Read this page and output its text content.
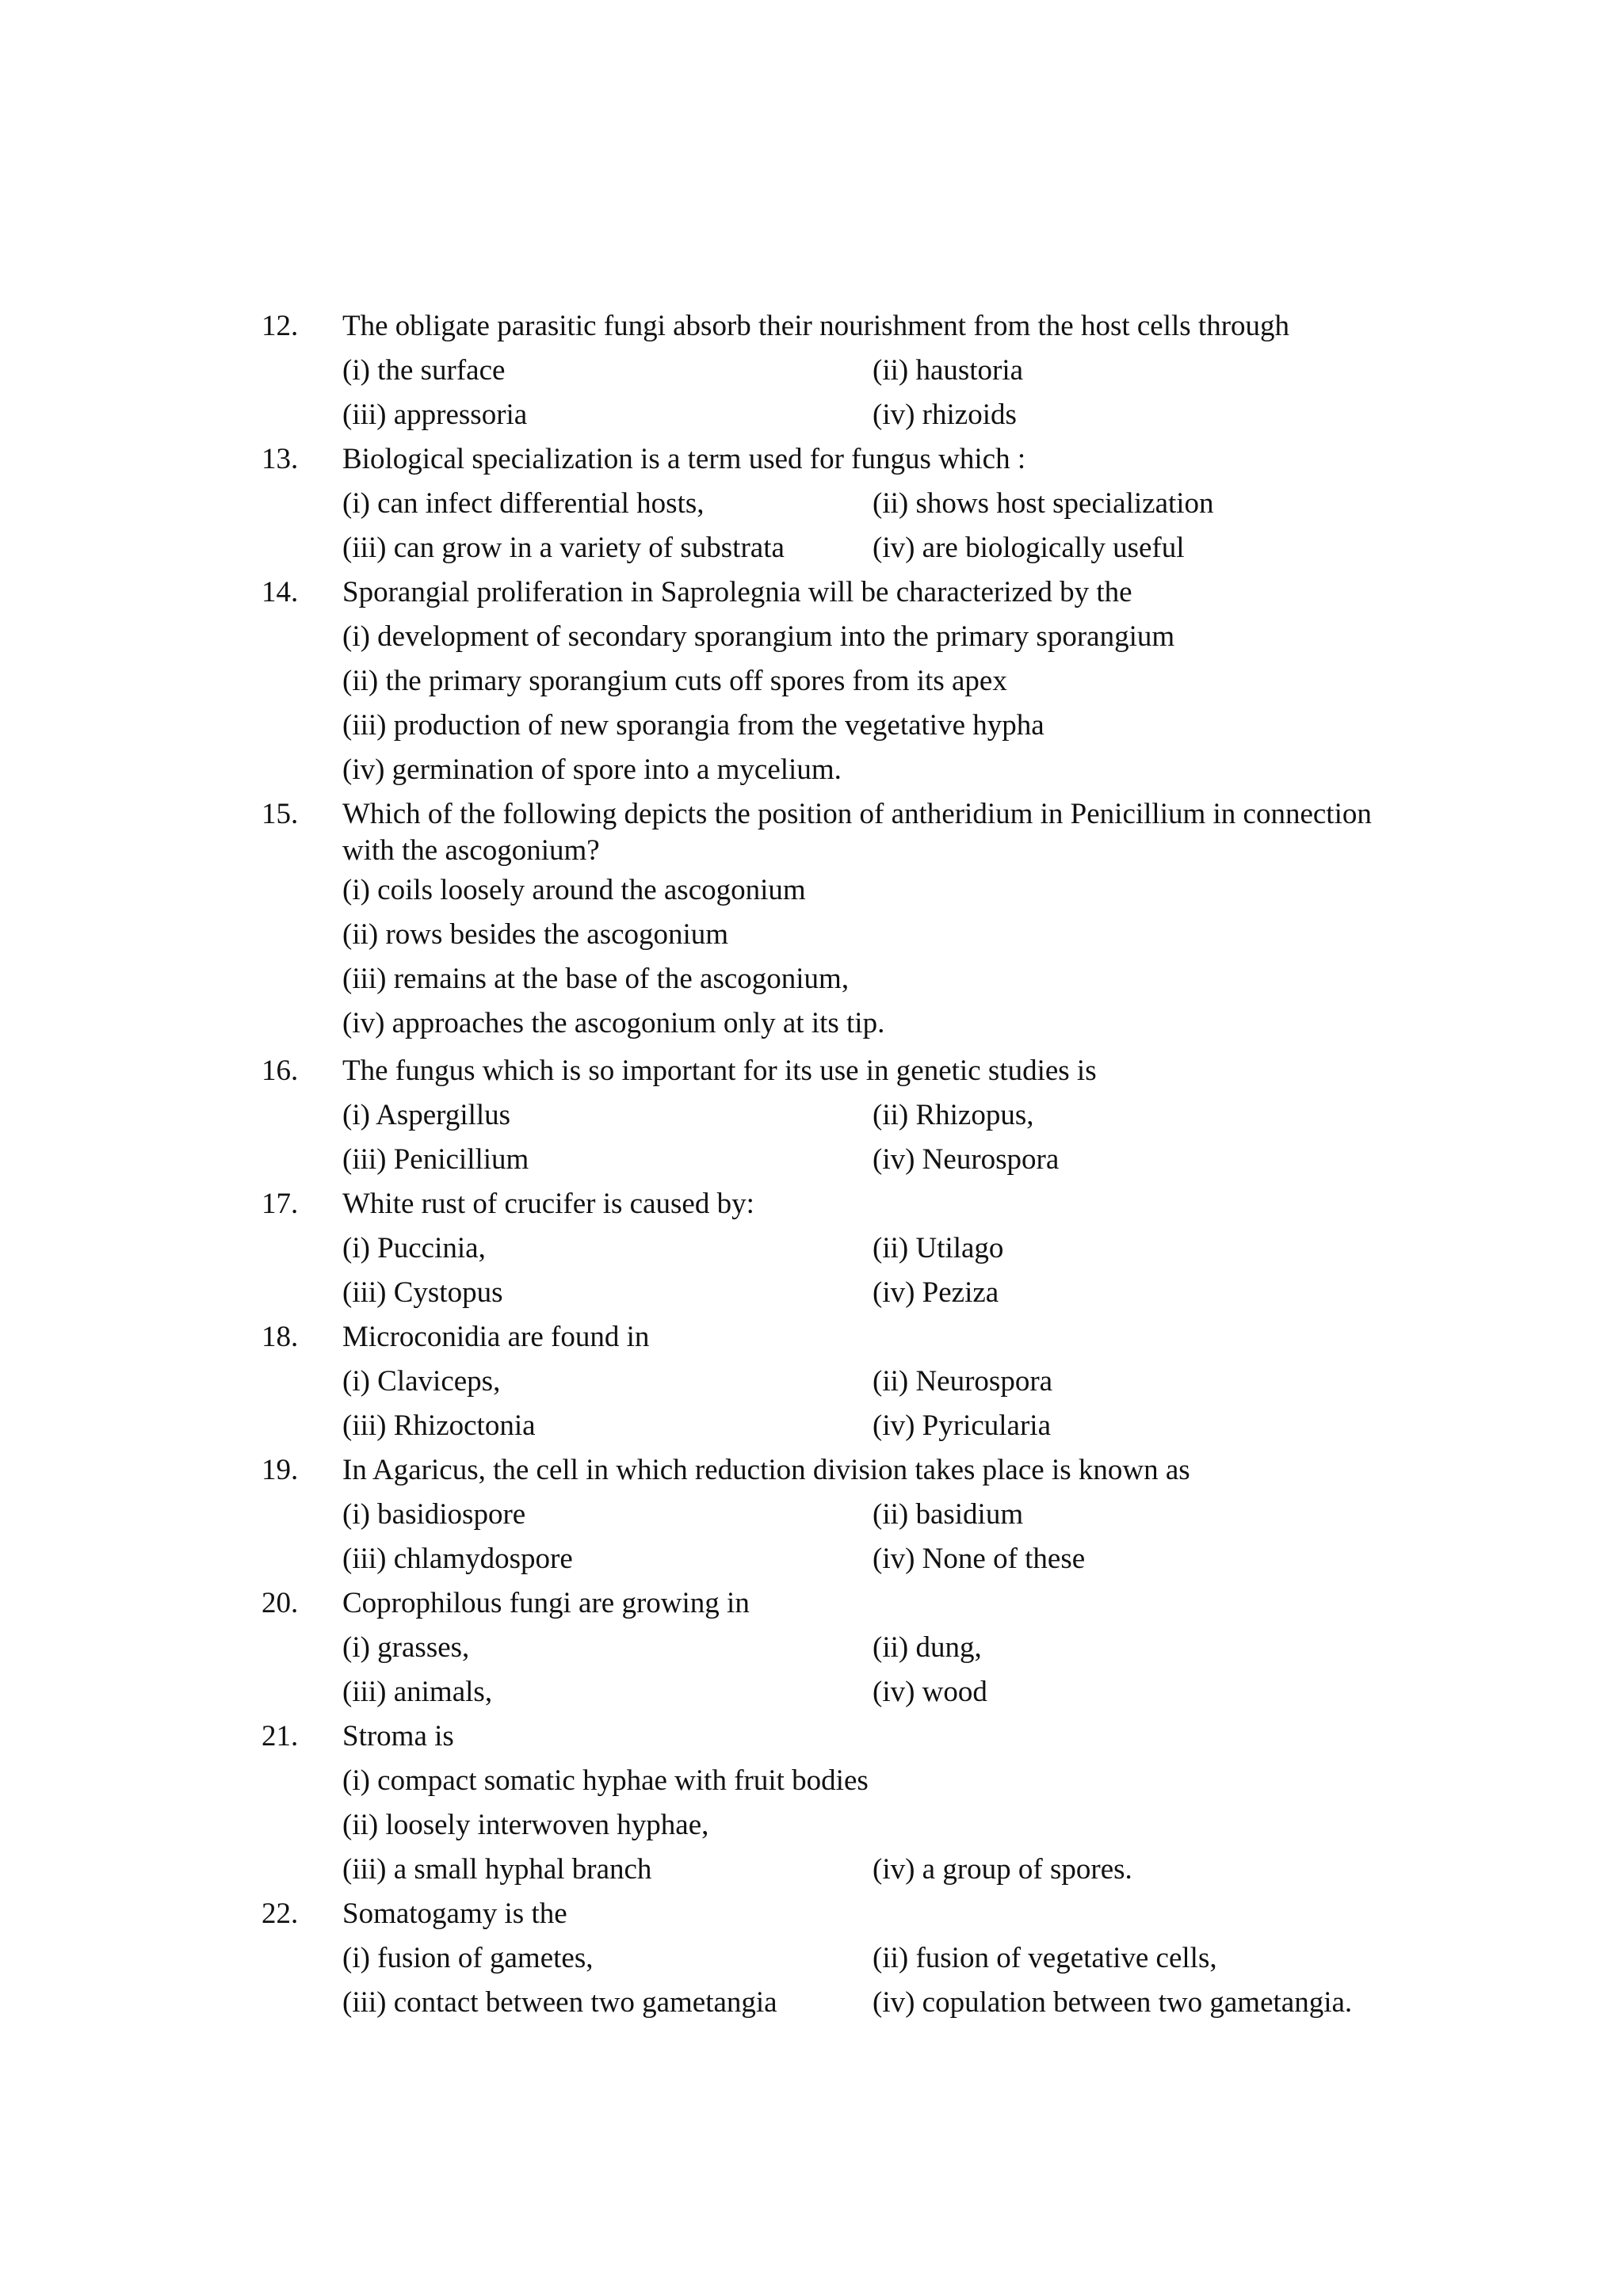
12. The obligate parasitic fungi absorb their nourishment from the host cells through
(i) the surface	(ii) haustoria
(iii) appressoria	(iv) rhizoids
13. Biological specialization is a term used for fungus which :
(i) can infect differential hosts,	(ii) shows host specialization
(iii) can grow in a variety of substrata	(iv) are biologically useful
14. Sporangial proliferation in Saprolegnia will be characterized by the
(i) development of secondary sporangium into the primary sporangium
(ii) the primary sporangium cuts off spores from its apex
(iii) production of new sporangia from the vegetative hypha
(iv) germination of spore into a mycelium.
15. Which of the following depicts the position of antheridium in Penicillium in connection with the ascogonium?
(i) coils loosely around the ascogonium
(ii) rows besides the ascogonium
(iii) remains at the base of the ascogonium,
(iv) approaches the ascogonium only at its tip.
16. The fungus which is so important for its use in genetic studies is
(i) Aspergillus	(ii) Rhizopus,
(iii) Penicillium	(iv) Neurospora
17. White rust of crucifer is caused by:
(i) Puccinia,	(ii) Utilago
(iii) Cystopus	(iv) Peziza
18. Microconidia are found in
(i) Claviceps,	(ii) Neurospora
(iii) Rhizoctonia	(iv) Pyricularia
19. In Agaricus, the cell in which reduction division takes place is known as
(i) basidiospore	(ii) basidium
(iii) chlamydospore	(iv) None of these
20. Coprophilous fungi are growing in
(i) grasses,	(ii) dung,
(iii) animals,	(iv) wood
21. Stroma is
(i) compact somatic hyphae with fruit bodies
(ii) loosely interwoven hyphae,
(iii) a small hyphal branch	(iv) a group of spores.
22. Somatogamy is the
(i) fusion of gametes,	(ii) fusion of vegetative cells,
(iii) contact between two gametangia	(iv) copulation between two gametangia.
